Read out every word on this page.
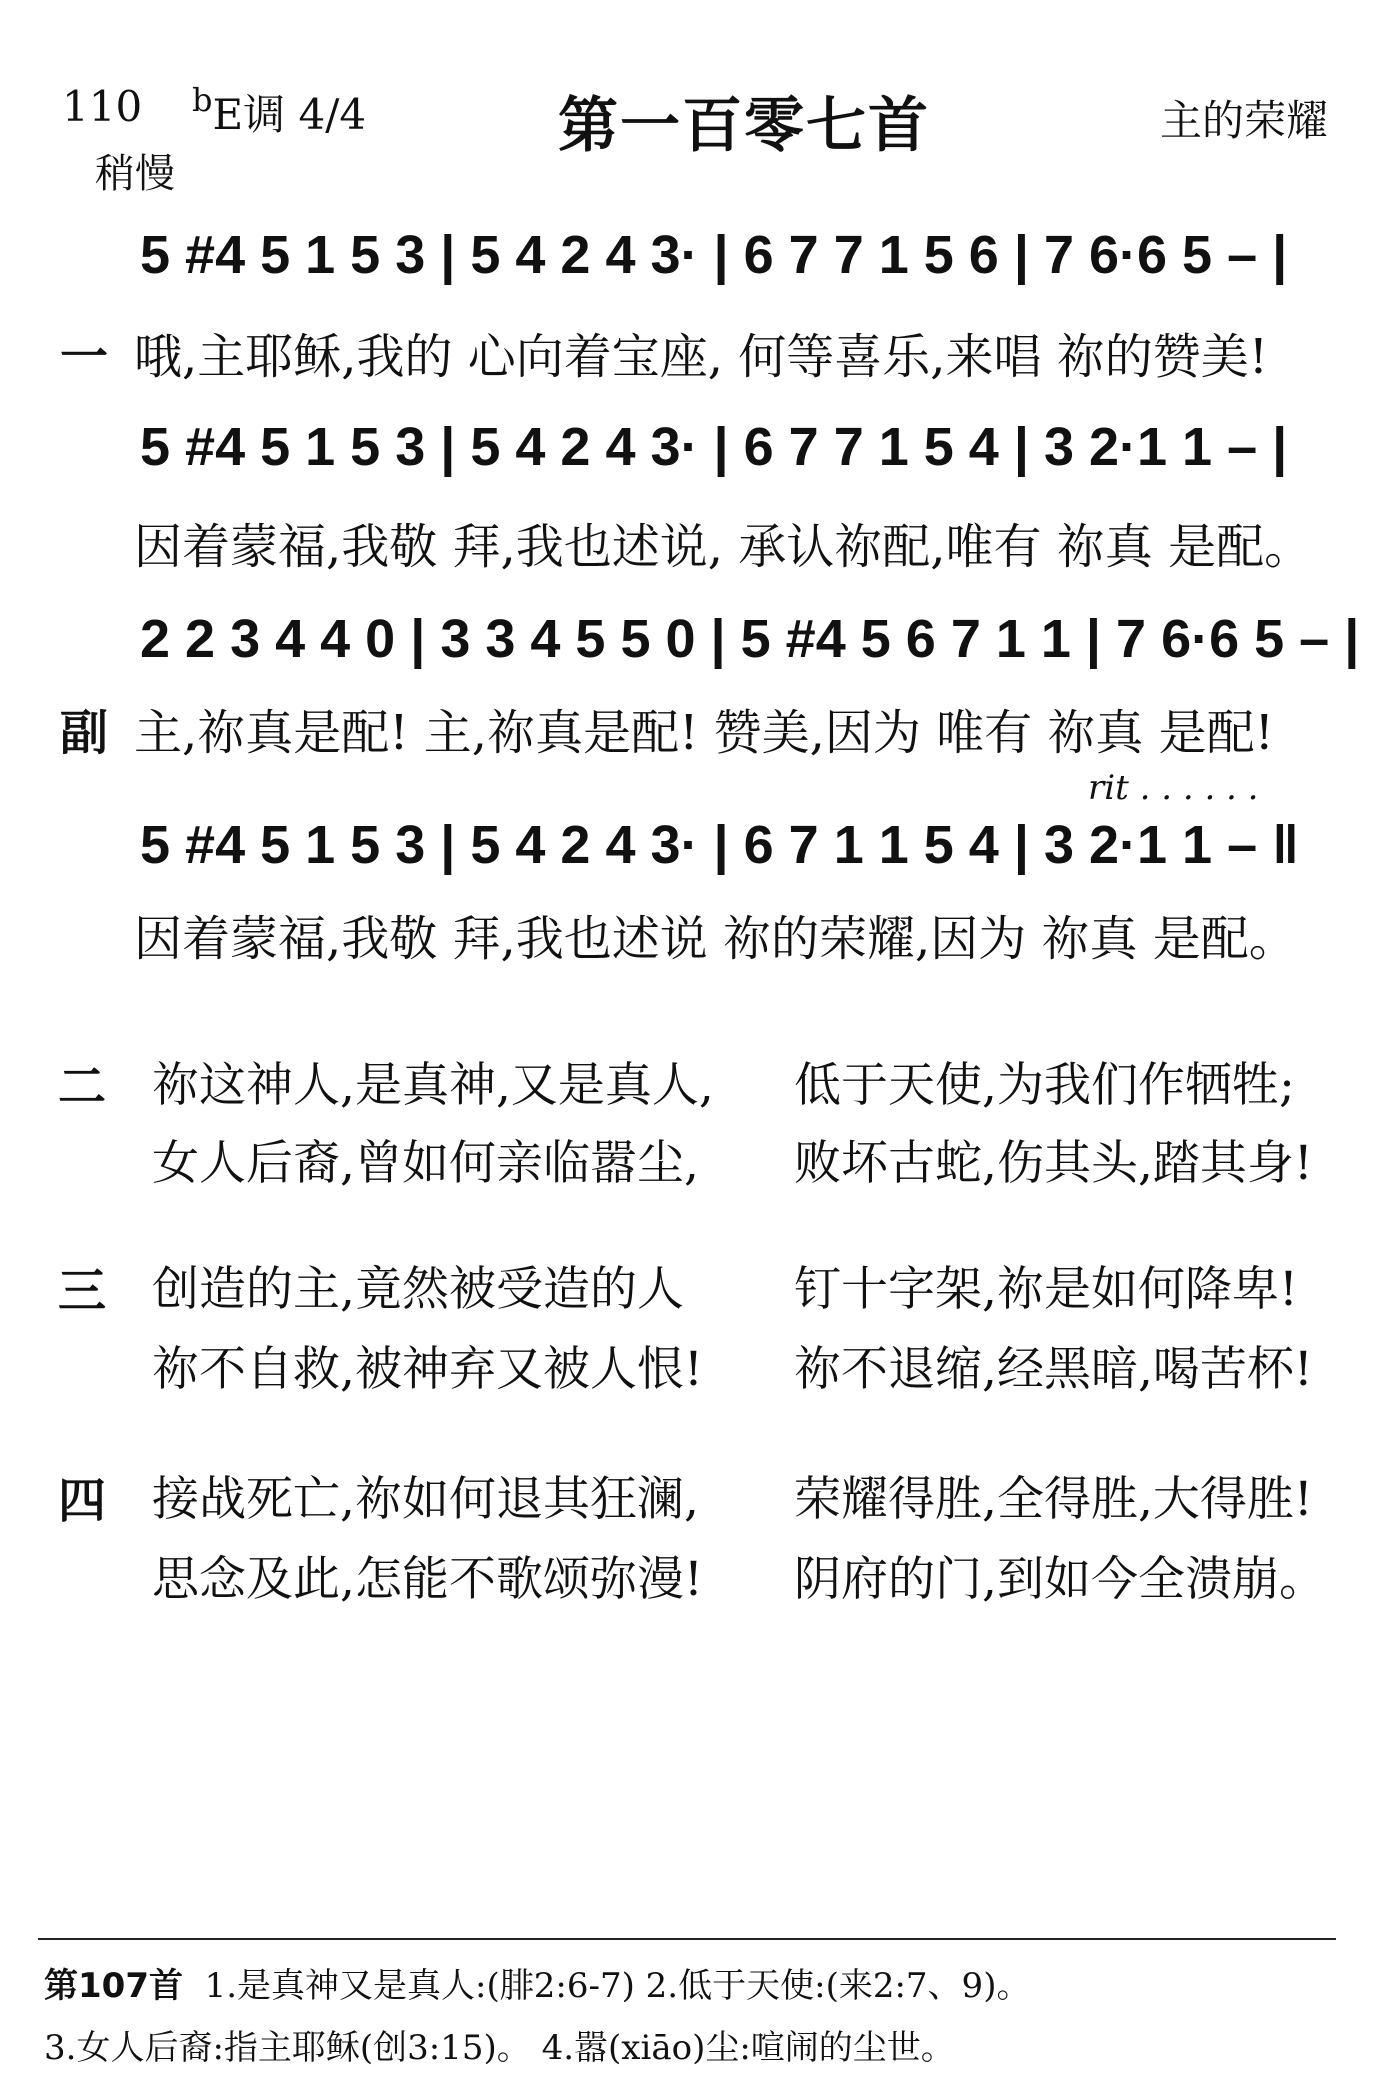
110 $^b$E调 4/4	第一百零七首	主的荣耀
稍慢
5 #4 5 1 5 3 | 5 4 2 4 3· | 6 7 7 1 5 6 | 7 6·6 5 – |
一 哦,主耶稣,我的 心向着宝座, 何等喜乐,来唱 祢的赞美!
5 #4 5 1 5 3 | 5 4 2 4 3· | 6 7 7 1 5 4 | 3 2·1 1 – |
因着蒙福,我敬 拜,我也述说, 承认祢配,唯有 祢真 是配。
2 2 3 4 4 0 | 3 3 4 5 5 0 | 5 #4 5 6 7 1 1 | 7 6·6 5 – |
副 主,祢真是配! 主,祢真是配! 赞美,因为 唯有 祢真 是配!
rit . . . . . .
5 #4 5 1 5 3 | 5 4 2 4 3· | 6 7 1 1 5 4 | 3 2·1 1 – ‖
因着蒙福,我敬 拜,我也述说 祢的荣耀,因为 祢真 是配。
二 祢这神人,是真神,又是真人, 低于天使,为我们作牺牲;
女人后裔,曾如何亲临嚣尘, 败坏古蛇,伤其头,踏其身!
三 创造的主,竟然被受造的人 钉十字架,祢是如何降卑!
祢不自救,被神弃又被人恨! 祢不退缩,经黑暗,喝苦杯!
四 接战死亡,祢如何退其狂澜, 荣耀得胜,全得胜,大得胜!
思念及此,怎能不歌颂弥漫! 阴府的门,到如今全溃崩。
第107首 1.是真神又是真人:(腓2:6-7) 2.低于天使:(来2:7、9)。
3.女人后裔:指主耶稣(创3:15)。 4.嚣(xiāo)尘:喧闹的尘世。
